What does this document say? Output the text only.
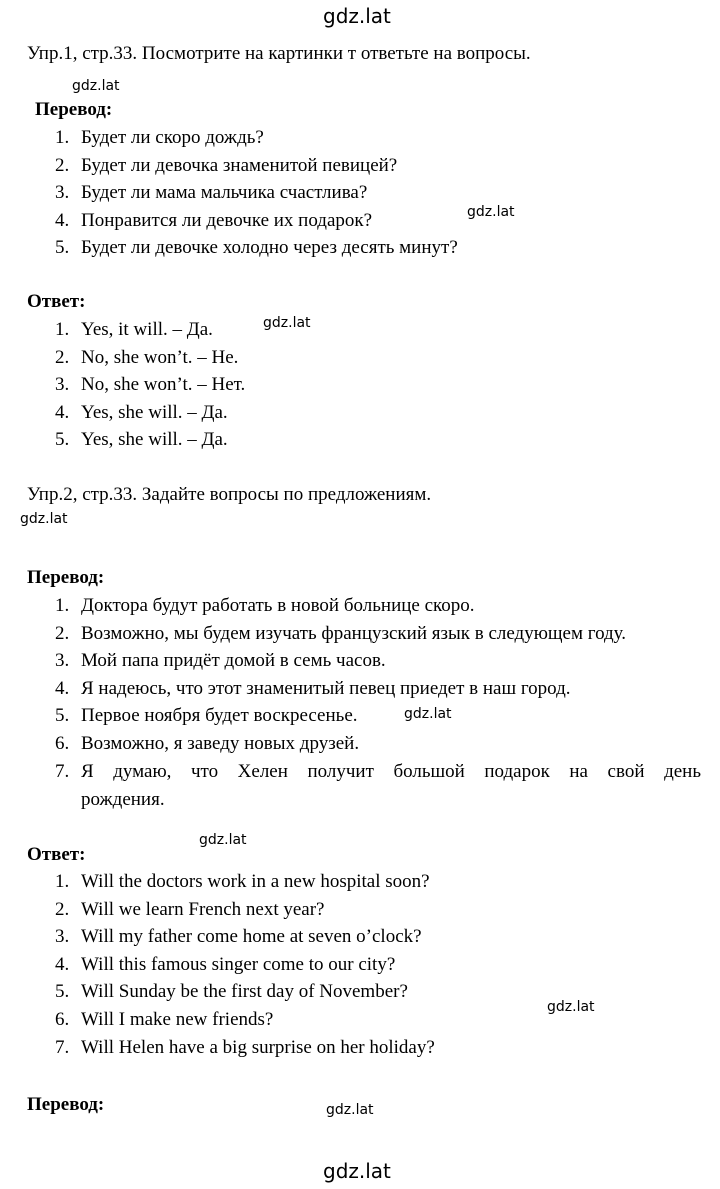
gdz.lat
Упр.1, стр.33. Посмотрите на картинки т ответьте на вопросы.
gdz.lat
Перевод:
1. Будет ли скоро дождь?
2. Будет ли девочка знаменитой певицей?
3. Будет ли мама мальчика счастлива?
4. Понравится ли девочке их подарок?
5. Будет ли девочке холодно через десять минут?
gdz.lat
Ответ:
1. Yes, it will. – Да.
2. No, she won’t. – Не.
3. No, she won’t. – Нет.
4. Yes, she will. – Да.
5. Yes, she will. – Да.
gdz.lat
Упр.2, стр.33. Задайте вопросы по предложениям.
gdz.lat
Перевод:
1. Доктора будут работать в новой больнице скоро.
2. Возможно, мы будем изучать французский язык в следующем году.
3. Мой папа придёт домой в семь часов.
4. Я надеюсь, что этот знаменитый певец приедет в наш город.
5. Первое ноября будет воскресенье.
6. Возможно, я заведу новых друзей.
7. Я думаю, что Хелен получит большой подарок на свой день
рождения.
gdz.lat
gdz.lat
Ответ:
1. Will the doctors work in a new hospital soon?
2. Will we learn French next year?
3. Will my father come home at seven o’clock?
4. Will this famous singer come to our city?
5. Will Sunday be the first day of November?
6. Will I make new friends?
7. Will Helen have a big surprise on her holiday?
gdz.lat
Перевод:	gdz.lat
gdz.lat
